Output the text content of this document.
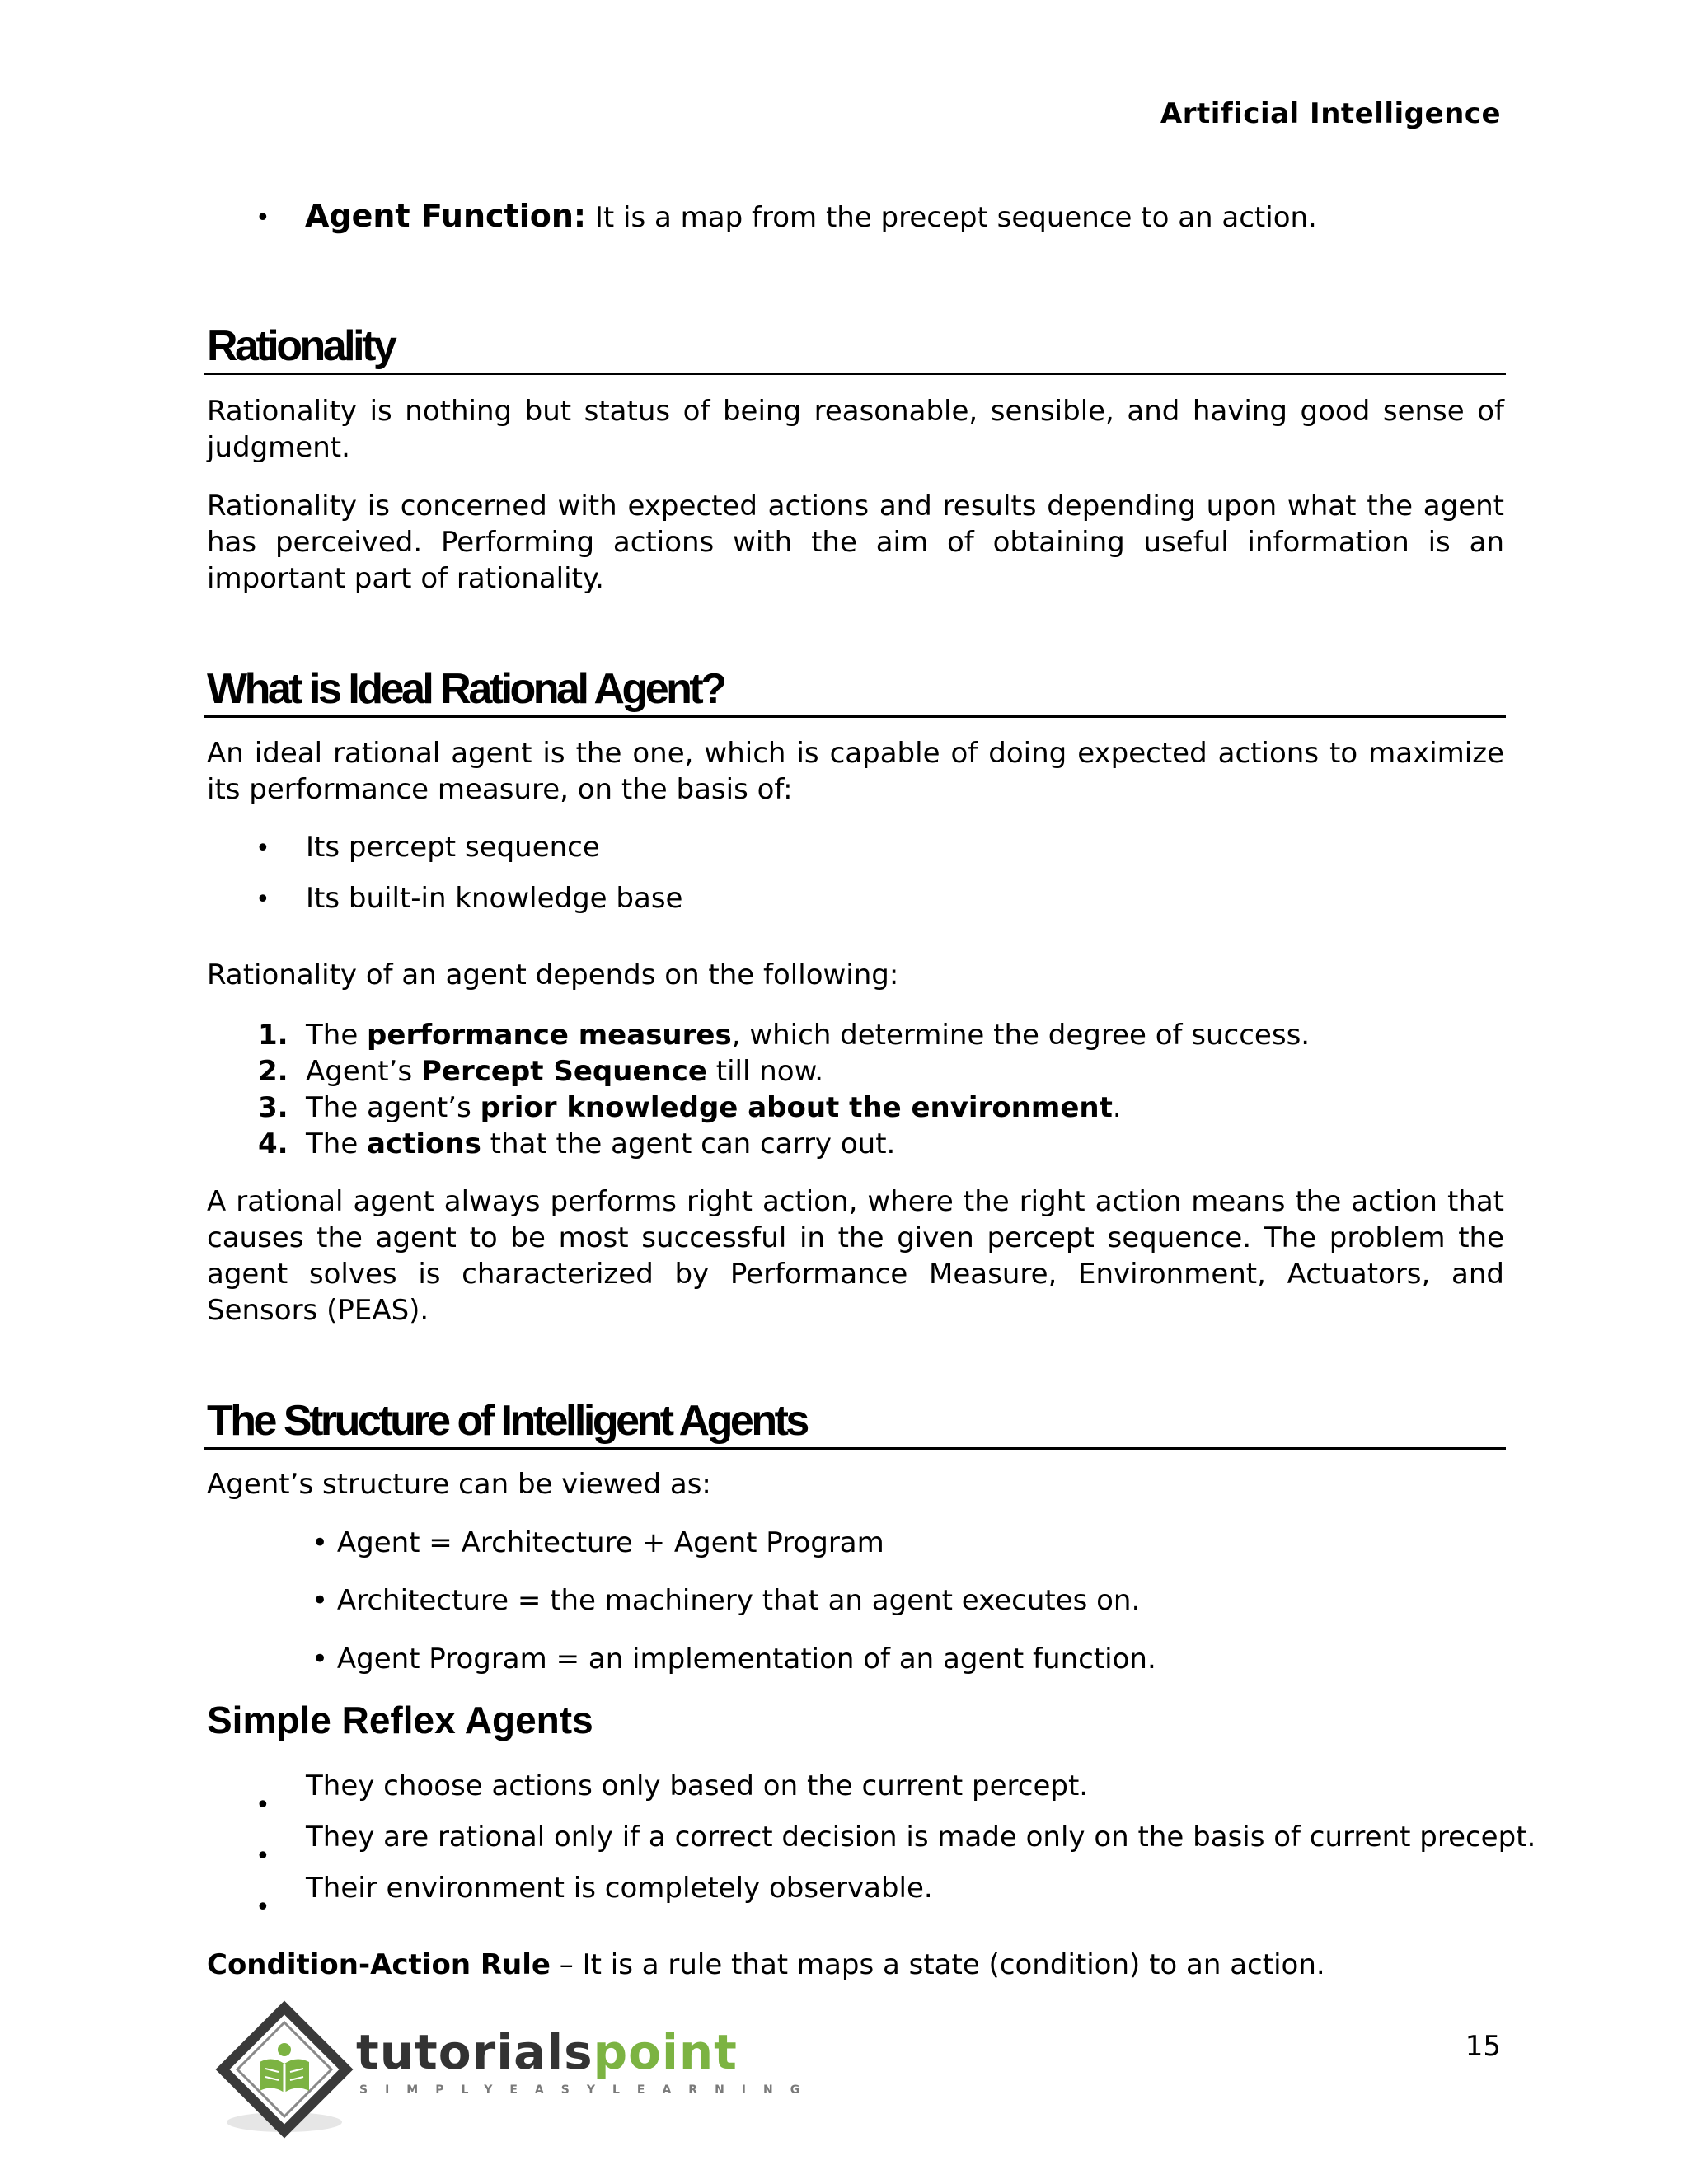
Artificial Intelligence
• Agent Function: It is a map from the precept sequence to an action.
Rationality
Rationality is nothing but status of being reasonable, sensible, and having good sense of judgment.
Rationality is concerned with expected actions and results depending upon what the agent has perceived. Performing actions with the aim of obtaining useful information is an important part of rationality.
What is Ideal Rational Agent?
An ideal rational agent is the one, which is capable of doing expected actions to maximize its performance measure, on the basis of:
• Its percept sequence
• Its built-in knowledge base
Rationality of an agent depends on the following:
1. The performance measures, which determine the degree of success.
2. Agent’s Percept Sequence till now.
3. The agent’s prior knowledge about the environment.
4. The actions that the agent can carry out.
A rational agent always performs right action, where the right action means the action that causes the agent to be most successful in the given percept sequence. The problem the agent solves is characterized by Performance Measure, Environment, Actuators, and Sensors (PEAS).
The Structure of Intelligent Agents
Agent’s structure can be viewed as:
• Agent = Architecture + Agent Program
• Architecture = the machinery that an agent executes on.
• Agent Program = an implementation of an agent function.
Simple Reflex Agents
•
They choose actions only based on the current percept.
•
They are rational only if a correct decision is made only on the basis of current precept.
•
Their environment is completely observable.
Condition-Action Rule – It is a rule that maps a state (condition) to an action.
15
tutorialspoint
SIMPLYEASYLEARNING
